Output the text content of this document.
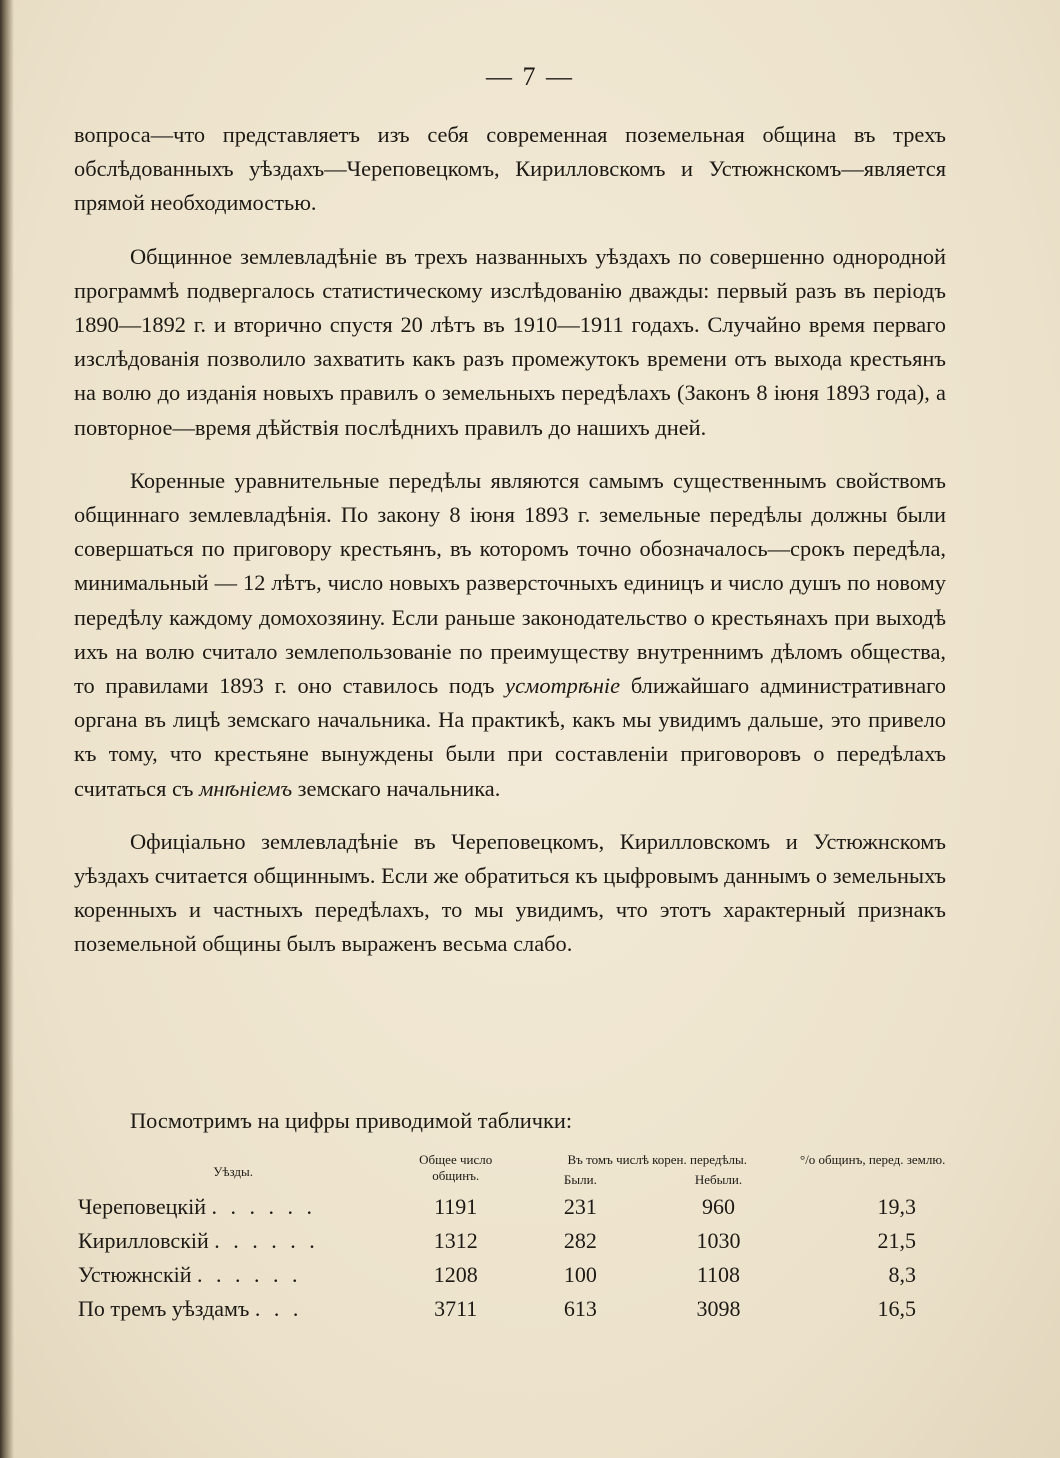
— 7 —

вопроса—что представляетъ изъ себя современная поземельная община въ трехъ обслѣдованныхъ уѣздахъ—Череповецкомъ, Кирилловскомъ и Устюжнскомъ—является прямой необходимостью.

Общинное землевладѣніе въ трехъ названныхъ уѣздахъ по совершенно однородной программѣ подвергалось статистическому изслѣдованію дважды: первый разъ въ періодъ 1890—1892 г. и вторично спустя 20 лѣтъ въ 1910—1911 годахъ. Случайно время перваго изслѣдованія позволило захватить какъ разъ промежутокъ времени отъ выхода крестьянъ на волю до изданія новыхъ правилъ о земельныхъ передѣлахъ (Законъ 8 іюня 1893 года), а повторное—время дѣйствія послѣднихъ правилъ до нашихъ дней.

Коренные уравнительные передѣлы являются самымъ существеннымъ свойствомъ общиннаго землевладѣнія. По закону 8 іюня 1893 г. земельные передѣлы должны были совершаться по приговору крестьянъ, въ которомъ точно обозначалось—срокъ передѣла, минимальный — 12 лѣтъ, число новыхъ разверсточныхъ единицъ и число душъ по новому передѣлу каждому домохозяину. Если раньше законодательство о крестьянахъ при выходѣ ихъ на волю считало землепользованіе по преимуществу внутреннимъ дѣломъ общества, то правилами 1893 г. оно ставилось подъ усмотрѣніе ближайшаго административнаго органа въ лицѣ земскаго начальника. На практикѣ, какъ мы увидимъ дальше, это привело къ тому, что крестьяне вынуждены были при составленіи приговоровъ о передѣлахъ считаться съ мнѣніемъ земскаго начальника.

Офиціально землевладѣніе въ Череповецкомъ, Кирилловскомъ и Устюжнскомъ уѣздахъ считается общиннымъ. Если же обратиться къ цыфровымъ даннымъ о земельныхъ коренныхъ и частныхъ передѣлахъ, то мы увидимъ, что этотъ характерный признакъ поземельной общины былъ выраженъ весьма слабо.

Посмотримъ на цифры приводимой таблички :
Уѣзды.	Общее число общинъ.	Въ томъ числѣ корен. передѣлы.		°/о общинъ, перед. землю.
		Были.	Небыли.	
Череповецкій . . . . . .	1191	231	960	19,3
Кирилловскій . . . . . .	1312	282	1030	21,5
Устюжнскій . . . . . .	1208	100	1108	8,3
По тремъ уѣздамъ . . .	3711	613	3098	16,5
